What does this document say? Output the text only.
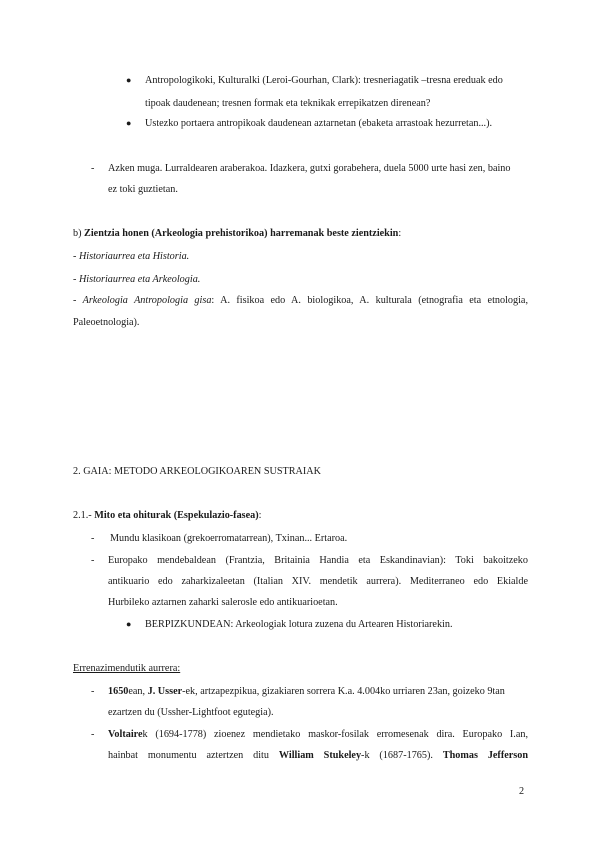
● Antropologikoki, Kulturalki (Leroi-Gourhan, Clark): tresneriagatik –tresna ereduak edo
tipoak daudenean; tresnen formak eta teknikak errepikatzen direnean?
● Ustezko portaera antropikoak daudenean aztarnetan (ebaketa arrastoak hezurretan...).
- Azken muga. Lurraldearen araberakoa. Idazkera, gutxi gorabehera, duela 5000 urte hasi zen, baino
ez toki guztietan.
b) Zientzia honen (Arkeologia prehistorikoa) harremanak beste zientziekin:
- Historiaurrea eta Historia.
- Historiaurrea eta Arkeologia.
- Arkeologia Antropologia gisa: A. fisikoa edo A. biologikoa, A. kulturala (etnografia eta etnologia,
Paleoetnologia).
2. GAIA: METODO ARKEOLOGIKOAREN SUSTRAIAK
2.1.- Mito eta ohiturak (Espekulazio-fasea):
- Mundu klasikoan (grekoerromatarrean), Txinan... Ertaroa.
- Europako mendebaldean (Frantzia, Britainia Handia eta Eskandinavian): Toki bakoitzeko
antikuario edo zaharkizaleetan (Italian XIV. mendetik aurrera). Mediterraneo edo Ekialde
Hurbileko aztarnen zaharki salerosle edo antikuarioetan.
● BERPIZKUNDEAN: Arkeologiak lotura zuzena du Artearen Historiarekin.
Errenazimendutik aurrera:
- 1650ean, J. Usser-ek, artzapezpikua, gizakiaren sorrera K.a. 4.004ko urriaren 23an, goizeko 9tan
ezartzen du (Ussher-Lightfoot egutegia).
- Voltairek (1694-1778) zioenez mendietako maskor-fosilak erromesenak dira. Europako I.an,
hainbat monumentu aztertzen ditu William Stukeley-k (1687-1765). Thomas Jefferson
2
